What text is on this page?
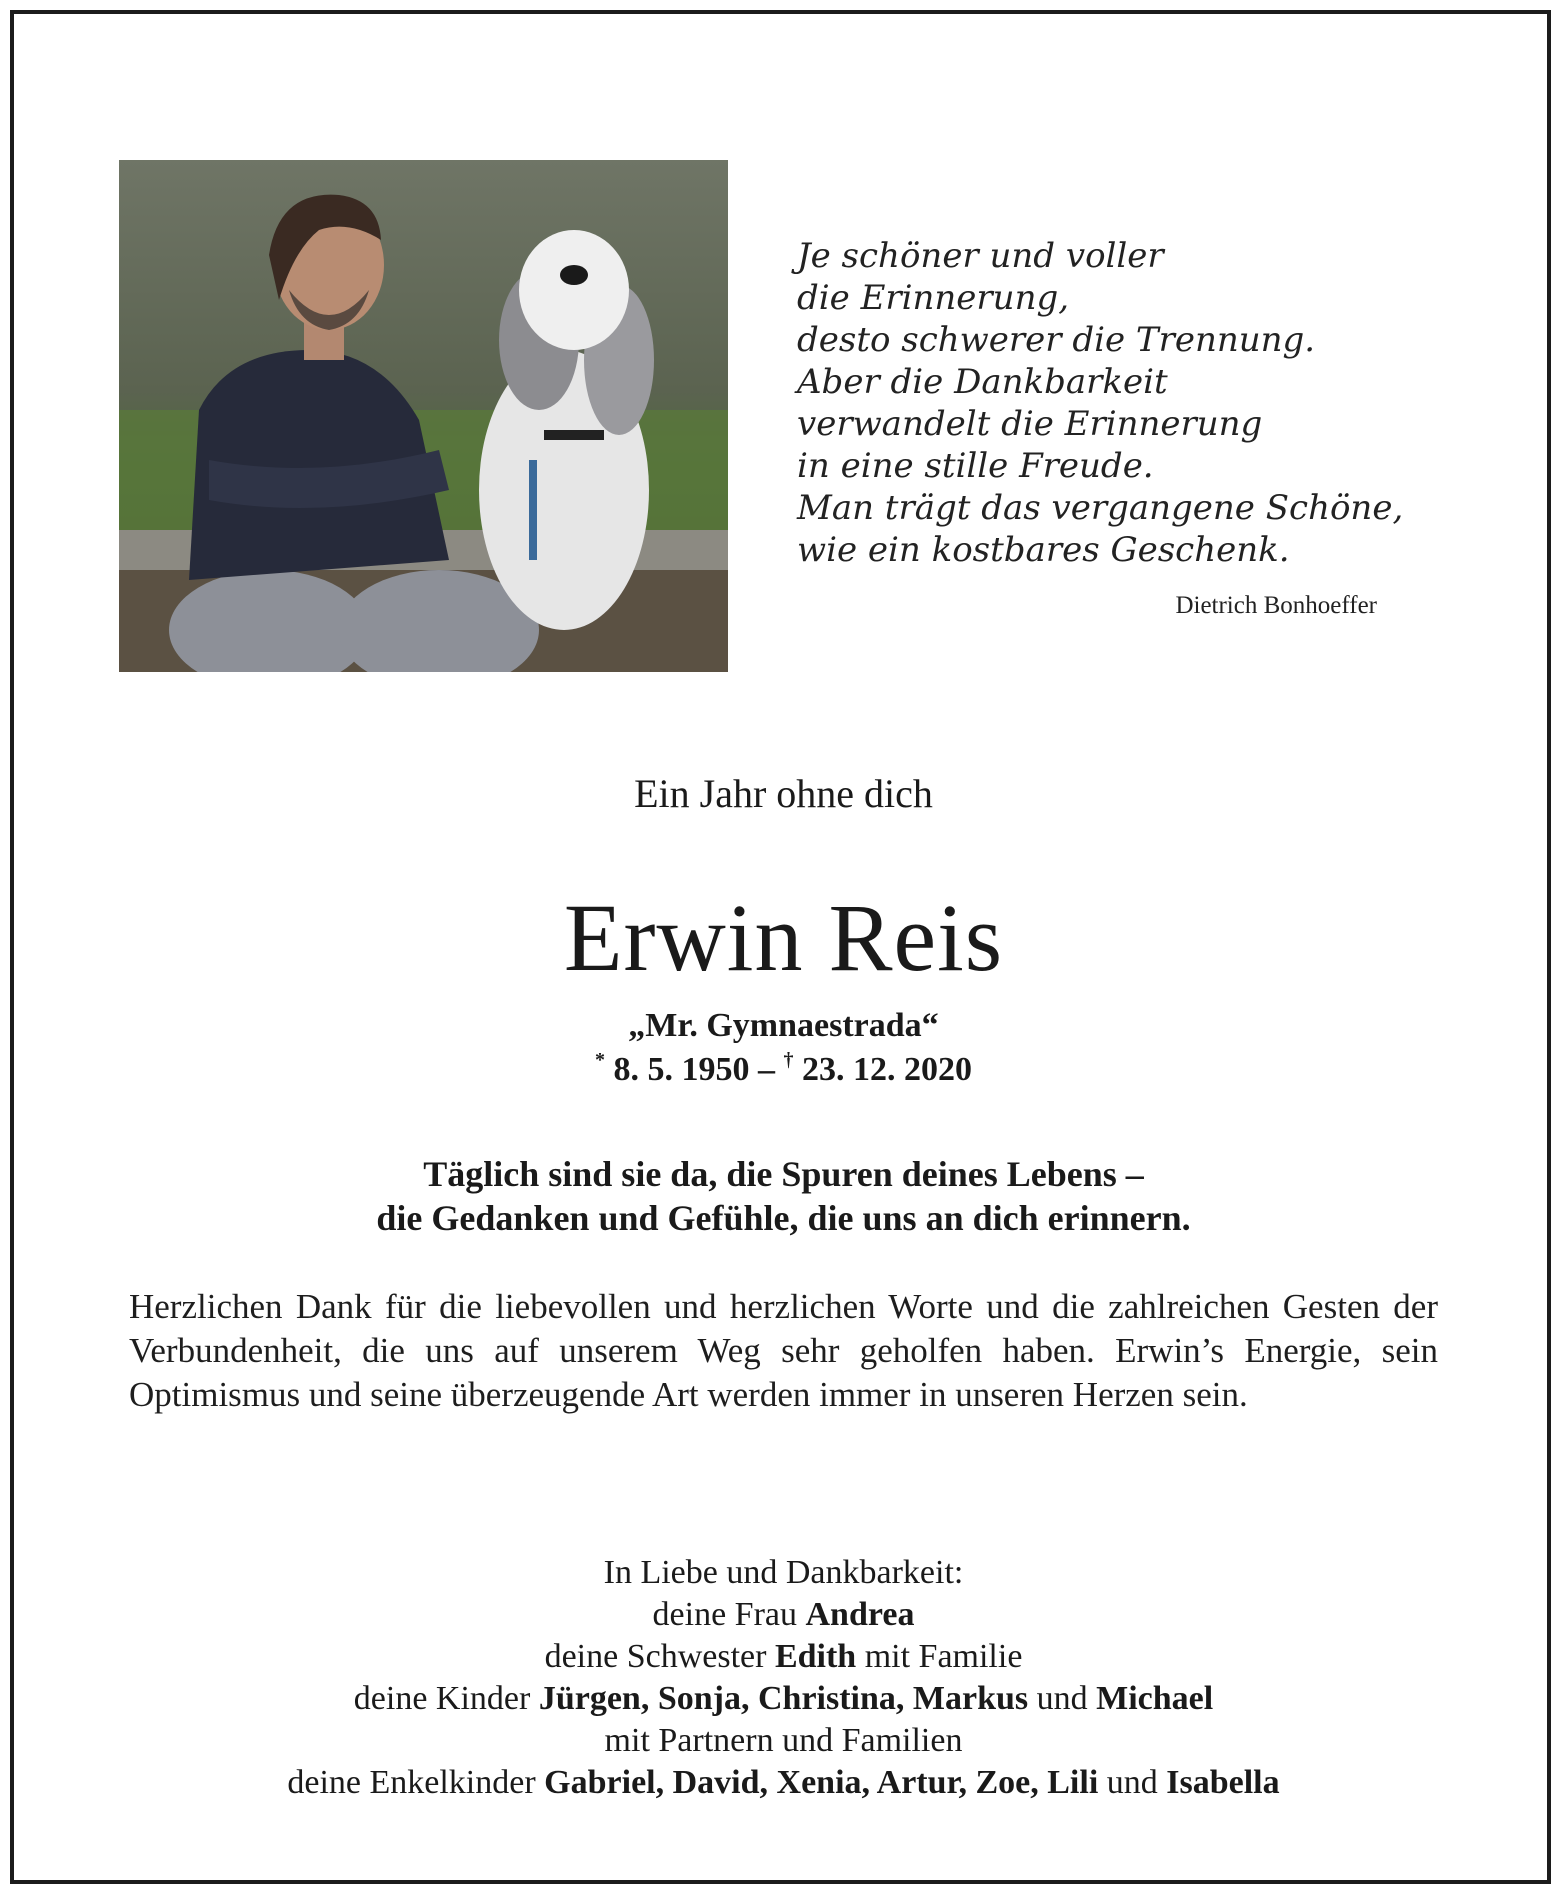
Je schöner und voller
die Erinnerung,
desto schwerer die Trennung.
Aber die Dankbarkeit
verwandelt die Erinnerung
in eine stille Freude.
Man trägt das vergangene Schöne,
wie ein kostbares Geschenk.
Dietrich Bonhoeffer
Ein Jahr ohne dich
Erwin Reis
„Mr. Gymnaestrada“
* 8. 5. 1950 – † 23. 12. 2020
Täglich sind sie da, die Spuren deines Lebens –
die Gedanken und Gefühle, die uns an dich erinnern.
Herzlichen Dank für die liebevollen und herzlichen Worte und die zahlreichen Gesten der Verbundenheit, die uns auf unserem Weg sehr geholfen haben. Erwin’s Energie, sein Optimismus und seine überzeugende Art werden immer in unseren Herzen sein.
In Liebe und Dankbarkeit:
deine Frau Andrea
deine Schwester Edith mit Familie
deine Kinder Jürgen, Sonja, Christina, Markus und Michael
mit Partnern und Familien
deine Enkelkinder Gabriel, David, Xenia, Artur, Zoe, Lili und Isabella
